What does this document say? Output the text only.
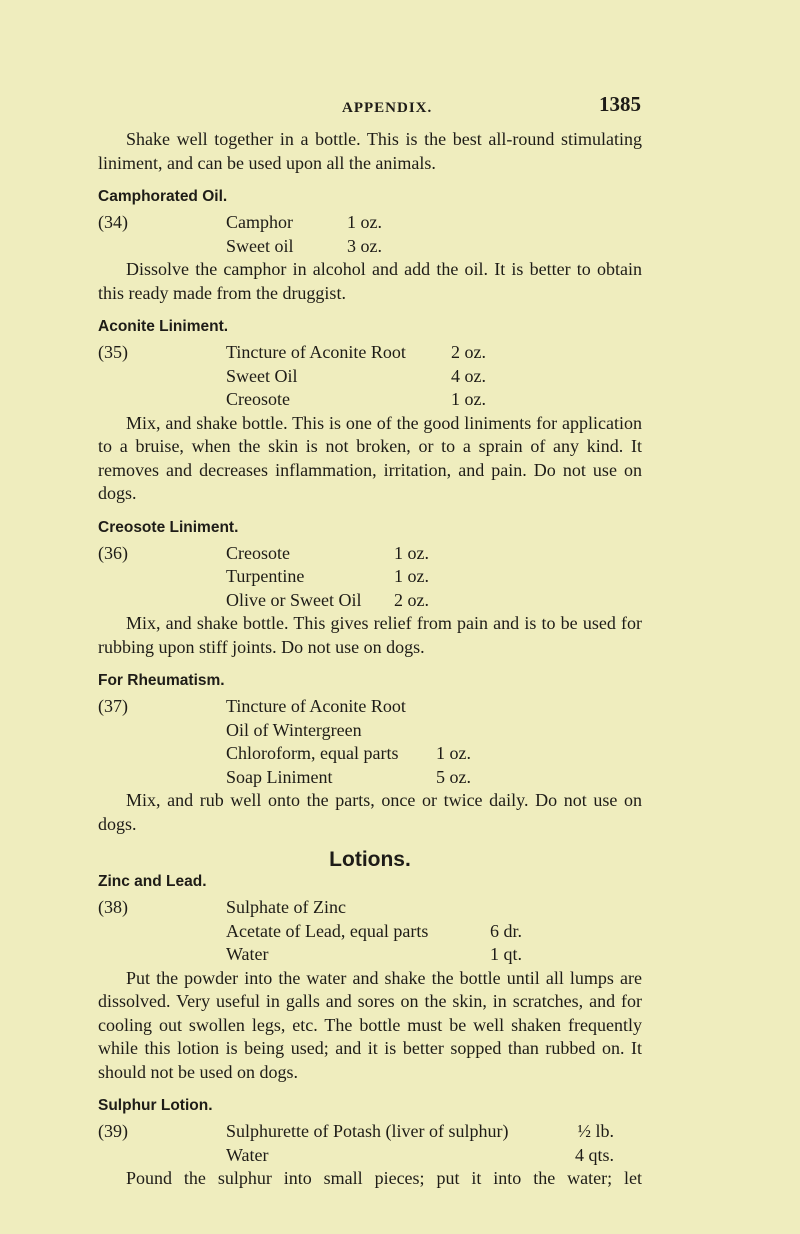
APPENDIX.	1385

Shake well together in a bottle. This is the best all-round stimulating liniment, and can be used upon all the animals.

Camphorated Oil.
(34)	Camphor	1 oz.
Sweet oil	3 oz.

Dissolve the camphor in alcohol and add the oil. It is better to obtain this ready made from the druggist.

Aconite Liniment.
(35)	Tincture of Aconite Root	2 oz.
Sweet Oil	4 oz.
Creosote	1 oz.

Mix, and shake bottle. This is one of the good liniments for application to a bruise, when the skin is not broken, or to a sprain of any kind. It removes and decreases inflammation, irritation, and pain. Do not use on dogs.

Creosote Liniment.
(36)	Creosote	1 oz.
Turpentine	1 oz.
Olive or Sweet Oil	2 oz.

Mix, and shake bottle. This gives relief from pain and is to be used for rubbing upon stiff joints. Do not use on dogs.

For Rheumatism.
(37)	Tincture of Aconite Root
Oil of Wintergreen
Chloroform, equal parts	1 oz.
Soap Liniment	5 oz.

Mix, and rub well onto the parts, once or twice daily. Do not use on dogs.

Lotions.
Zinc and Lead.
(38)	Sulphate of Zinc
Acetate of Lead, equal parts	6 dr.
Water	1 qt.

Put the powder into the water and shake the bottle until all lumps are dissolved. Very useful in galls and sores on the skin, in scratches, and for cooling out swollen legs, etc. The bottle must be well shaken frequently while this lotion is being used; and it is better sopped than rubbed on. It should not be used on dogs.

Sulphur Lotion.
(39)	Sulphurette of Potash (liver of sulphur)	½ lb.
Water	4 qts.

Pound the sulphur into small pieces; put it into the water; let
